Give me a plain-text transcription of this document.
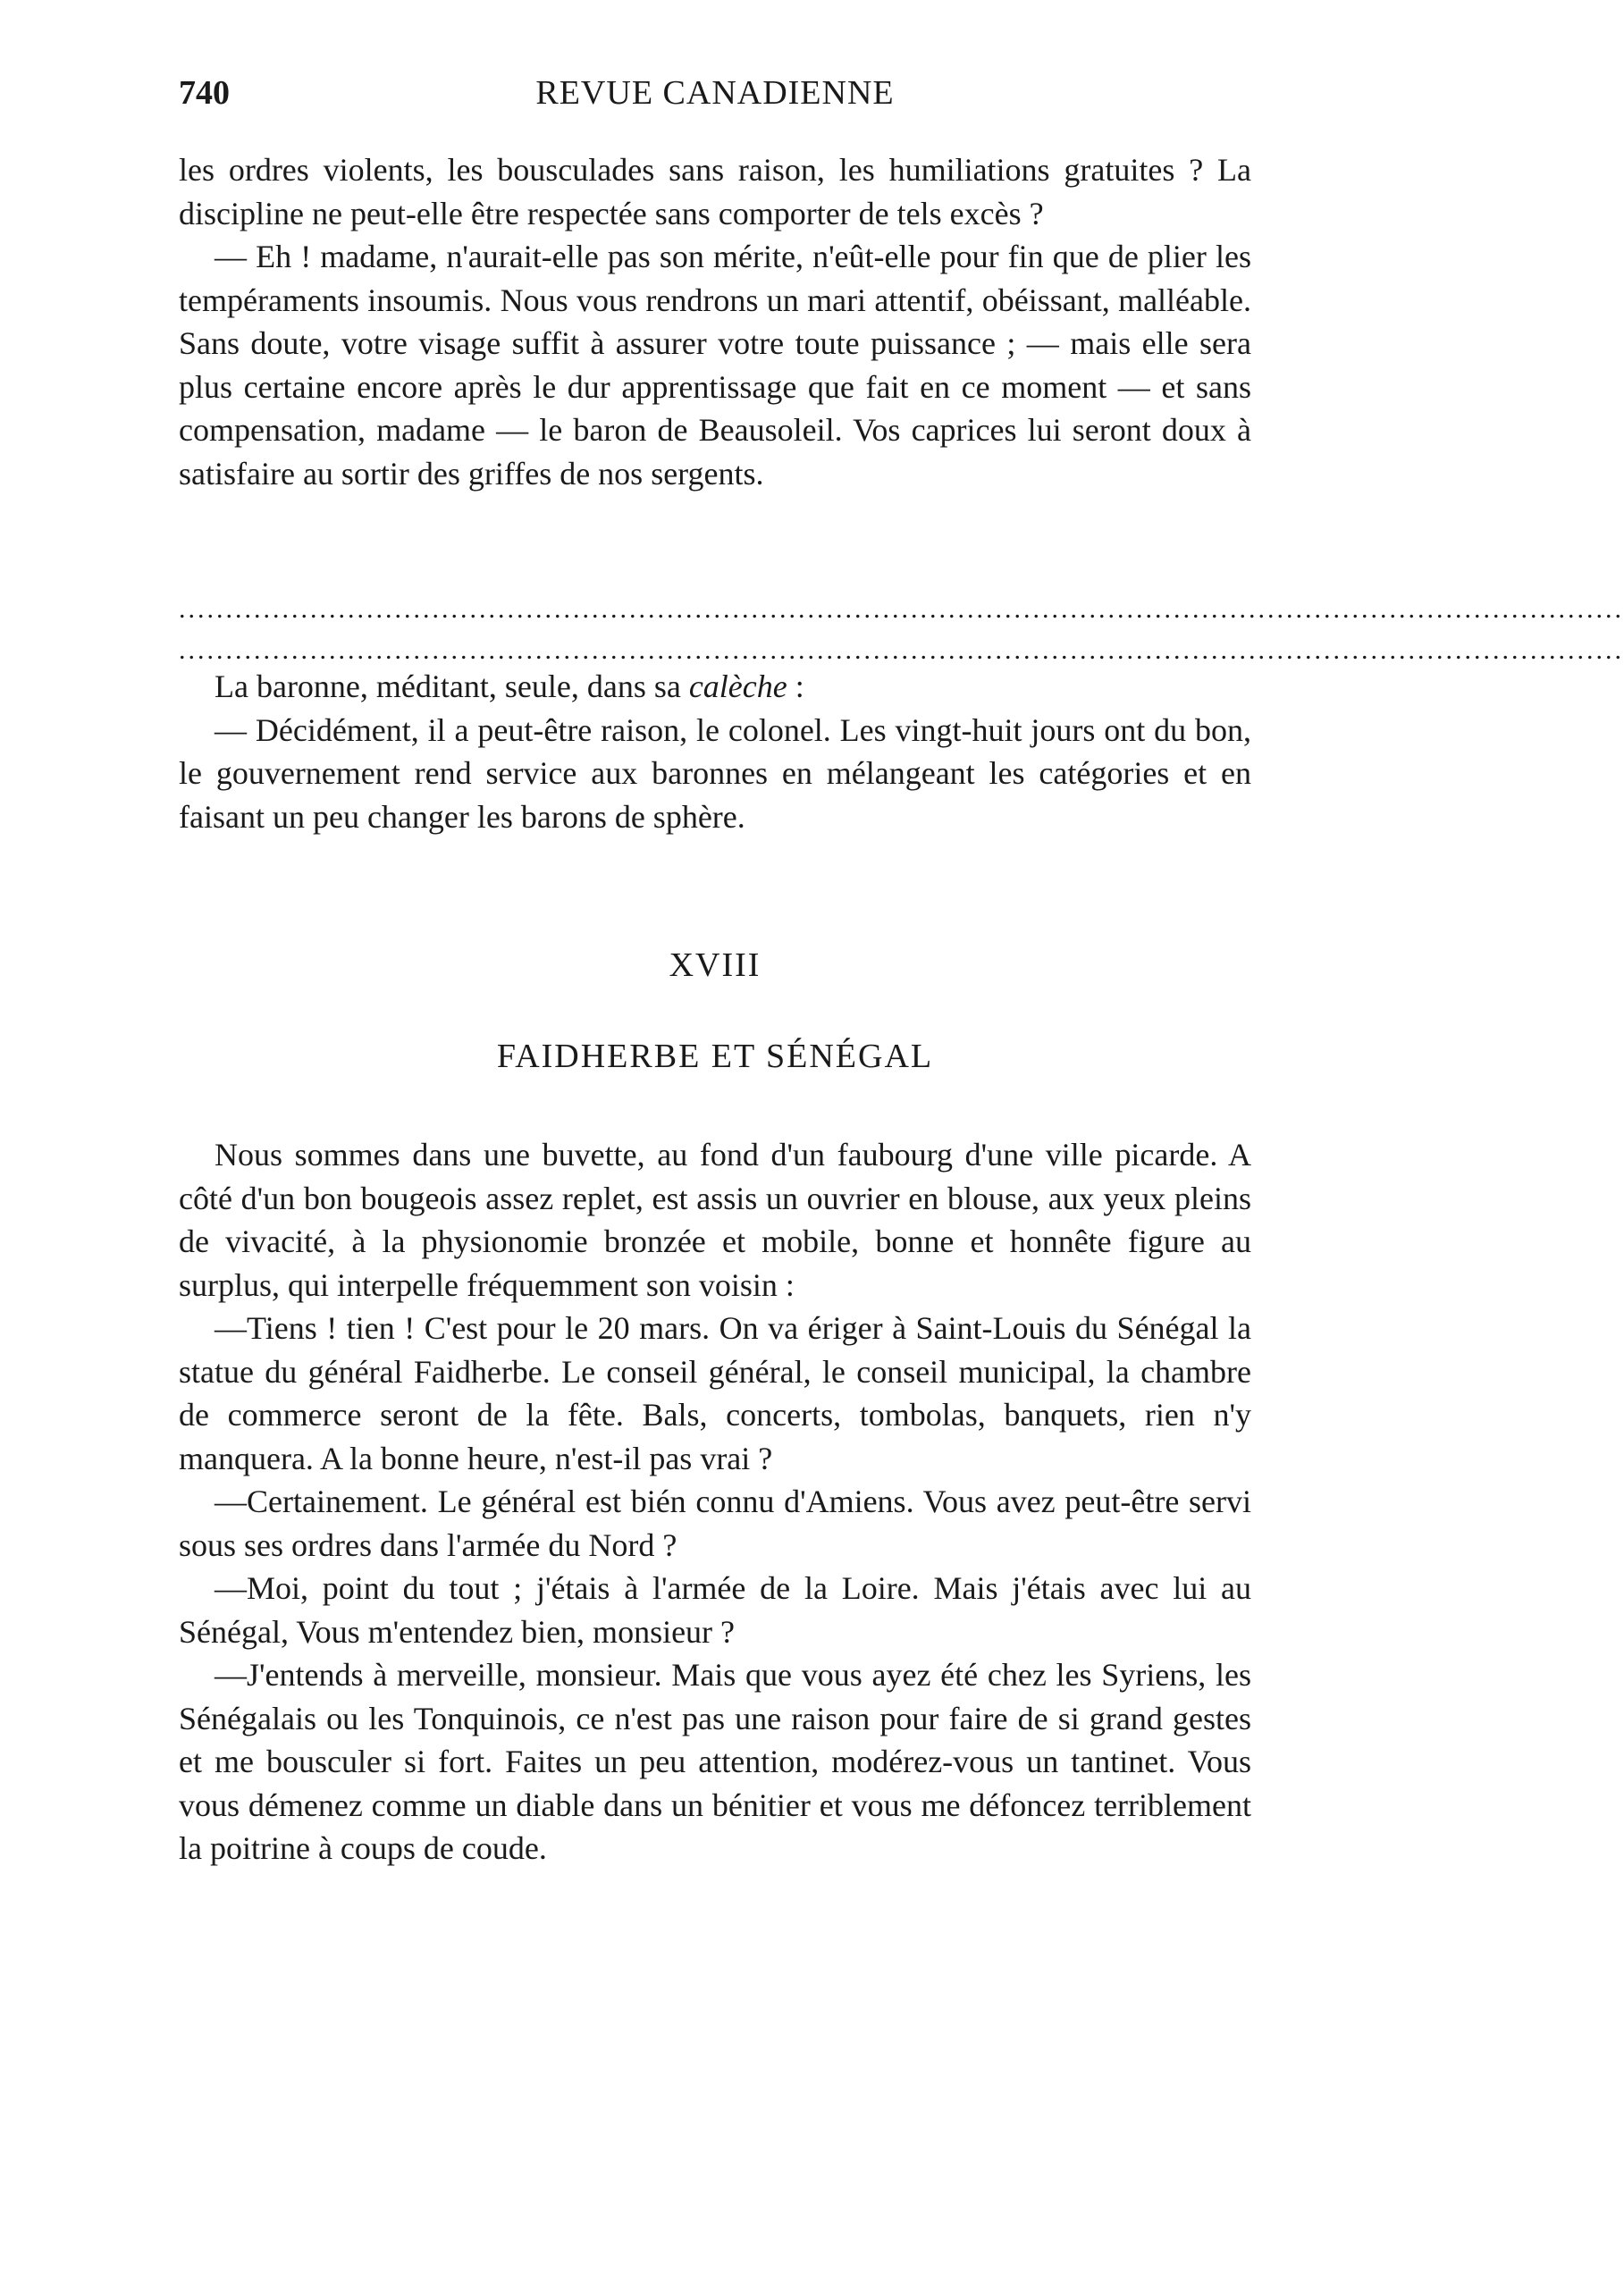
740	REVUE CANADIENNE

les ordres violents, les bousculades sans raison, les humiliations gratuites ? La discipline ne peut-elle être respectée sans comporter de tels excès ?

— Eh ! madame, n'aurait-elle pas son mérite, n'eût-elle pour fin que de plier les tempéraments insoumis. Nous vous rendrons un mari attentif, obéissant, malléable. Sans doute, votre visage suffit à assurer votre toute puissance ; — mais elle sera plus certaine encore après le dur apprentissage que fait en ce moment — et sans compensation, madame — le baron de Beausoleil. Vos caprices lui seront doux à satisfaire au sortir des griffes de nos sergents.

..........................................................................................................................................................
..........................................................................................................................................................

La baronne, méditant, seule, dans sa calèche :

— Décidément, il a peut-être raison, le colonel. Les vingt-huit jours ont du bon, le gouvernement rend service aux baronnes en mélangeant les catégories et en faisant un peu changer les barons de sphère.

XVIII
FAIDHERBE ET SÉNÉGAL

Nous sommes dans une buvette, au fond d'un faubourg d'une ville picarde. A côté d'un bon bougeois assez replet, est assis un ouvrier en blouse, aux yeux pleins de vivacité, à la physionomie bronzée et mobile, bonne et honnête figure au surplus, qui interpelle fréquemment son voisin :

—Tiens ! tien ! C'est pour le 20 mars. On va ériger à Saint-Louis du Sénégal la statue du général Faidherbe. Le conseil général, le conseil municipal, la chambre de commerce seront de la fête. Bals, concerts, tombolas, banquets, rien n'y manquera. A la bonne heure, n'est-il pas vrai ?

—Certainement. Le général est bién connu d'Amiens. Vous avez peut-être servi sous ses ordres dans l'armée du Nord ?

—Moi, point du tout ; j'étais à l'armée de la Loire. Mais j'étais avec lui au Sénégal, Vous m'entendez bien, monsieur ?

—J'entends à merveille, monsieur. Mais que vous ayez été chez les Syriens, les Sénégalais ou les Tonquinois, ce n'est pas une raison pour faire de si grand gestes et me bousculer si fort. Faites un peu attention, modérez-vous un tantinet. Vous vous démenez comme un diable dans un bénitier et vous me défoncez terriblement la poitrine à coups de coude.
